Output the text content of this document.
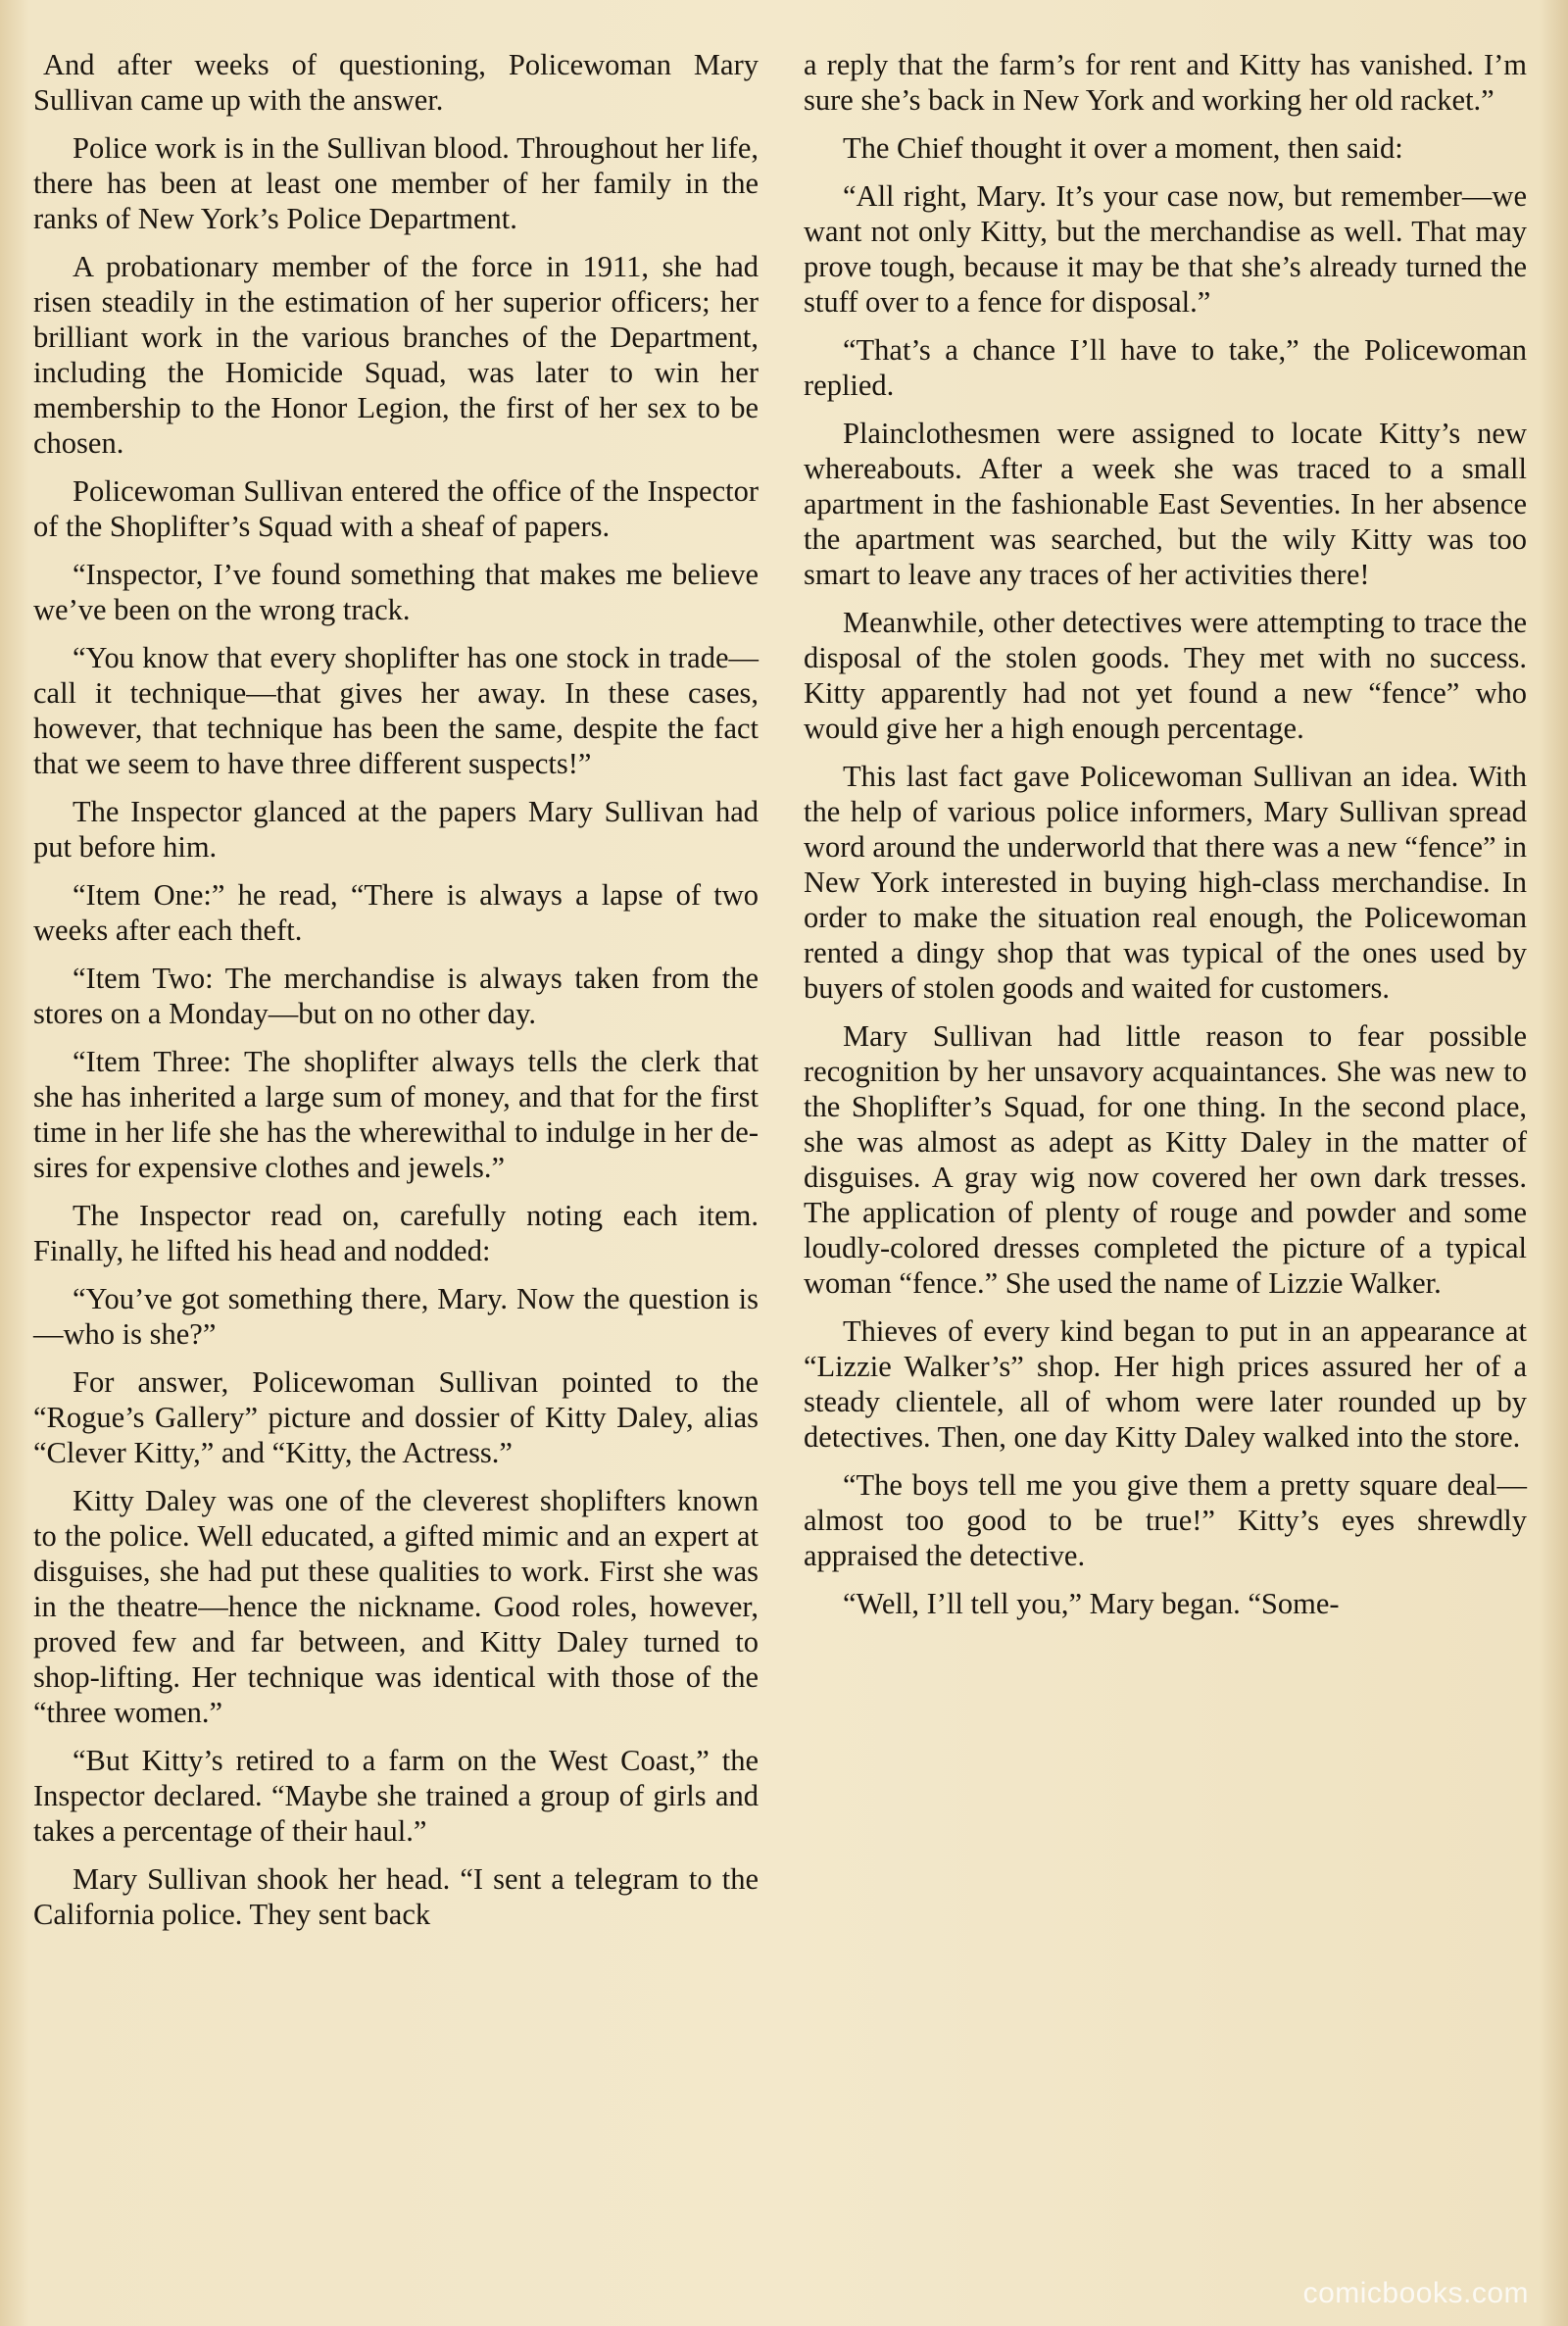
And after weeks of questioning, Policewoman Mary Sullivan came up with the answer.

Police work is in the Sullivan blood. Throughout her life, there has been at least one member of her family in the ranks of New York’s Police Department.

A probationary member of the force in 1911, she had risen steadily in the estimation of her superior officers; her brilliant work in the various branches of the Department, including the Homicide Squad, was later to win her membership to the Honor Legion, the first of her sex to be chosen.

Policewoman Sullivan entered the office of the Inspector of the Shoplifter’s Squad with a sheaf of papers.

“Inspector, I’ve found something that makes me believe we’ve been on the wrong track.

“You know that every shoplifter has one stock in trade—call it technique—that gives her away. In these cases, however, that technique has been the same, despite the fact that we seem to have three different suspects!”

The Inspector glanced at the papers Mary Sullivan had put before him.

“Item One:” he read, “There is always a lapse of two weeks after each theft.

“Item Two: The merchandise is always taken from the stores on a Monday—but on no other day.

“Item Three: The shoplifter always tells the clerk that she has inherited a large sum of money, and that for the first time in her life she has the wherewithal to indulge in her desires for expensive clothes and jewels.”

The Inspector read on, carefully noting each item. Finally, he lifted his head and nodded:

“You’ve got something there, Mary. Now the question is—who is she?”

For answer, Policewoman Sullivan pointed to the “Rogue’s Gallery” picture and dossier of Kitty Daley, alias “Clever Kitty,” and “Kitty, the Actress.”

Kitty Daley was one of the cleverest shoplifters known to the police. Well educated, a gifted mimic and an expert at disguises, she had put these qualities to work. First she was in the theatre—hence the nickname. Good roles, however, proved few and far between, and Kitty Daley turned to shop-lifting. Her technique was identical with those of the “three women.”

“But Kitty’s retired to a farm on the West Coast,” the Inspector declared. “Maybe she trained a group of girls and takes a percentage of their haul.”

Mary Sullivan shook her head. “I sent a telegram to the California police. They sent back

a reply that the farm’s for rent and Kitty has vanished. I’m sure she’s back in New York and working her old racket.”

The Chief thought it over a moment, then said:

“All right, Mary. It’s your case now, but remember—we want not only Kitty, but the merchandise as well. That may prove tough, because it may be that she’s already turned the stuff over to a fence for disposal.”

“That’s a chance I’ll have to take,” the Policewoman replied.

Plainclothesmen were assigned to locate Kitty’s new whereabouts. After a week she was traced to a small apartment in the fashionable East Seventies. In her absence the apartment was searched, but the wily Kitty was too smart to leave any traces of her activities there!

Meanwhile, other detectives were attempting to trace the disposal of the stolen goods. They met with no success. Kitty apparently had not yet found a new “fence” who would give her a high enough percentage.

This last fact gave Policewoman Sullivan an idea. With the help of various police informers, Mary Sullivan spread word around the underworld that there was a new “fence” in New York interested in buying high-class merchandise. In order to make the situation real enough, the Policewoman rented a dingy shop that was typical of the ones used by buyers of stolen goods and waited for customers.

Mary Sullivan had little reason to fear possible recognition by her unsavory acquaintances. She was new to the Shoplifter’s Squad, for one thing. In the second place, she was almost as adept as Kitty Daley in the matter of disguises. A gray wig now covered her own dark tresses. The application of plenty of rouge and powder and some loudly-colored dresses completed the picture of a typical woman “fence.” She used the name of Lizzie Walker.

Thieves of every kind began to put in an appearance at “Lizzie Walker’s” shop. Her high prices assured her of a steady clientele, all of whom were later rounded up by detectives. Then, one day Kitty Daley walked into the store.

“The boys tell me you give them a pretty square deal—almost too good to be true!” Kitty’s eyes shrewdly appraised the detective.

“Well, I’ll tell you,” Mary began. “Some-

comicbooks.com
